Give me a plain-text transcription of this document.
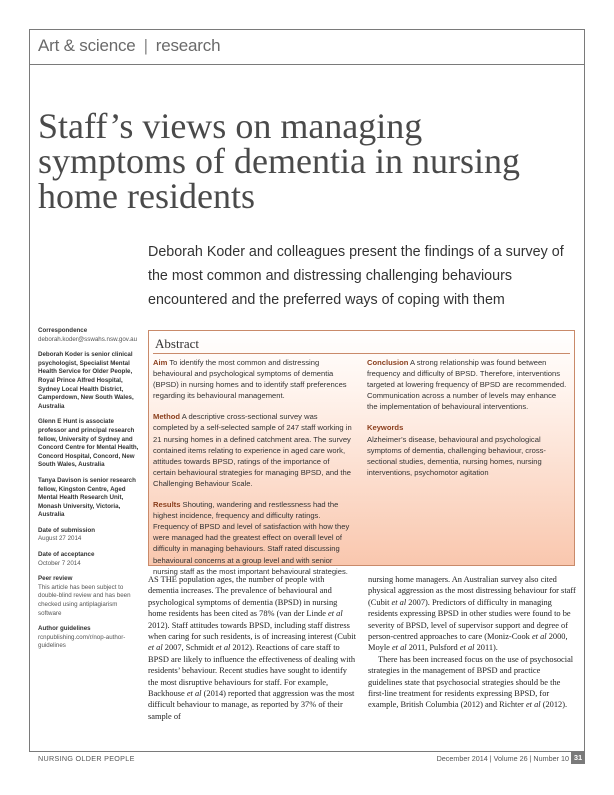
Art & science | research
Staff’s views on managing symptoms of dementia in nursing home residents

Deborah Koder and colleagues present the findings of a survey of the most common and distressing challenging behaviours encountered and the preferred ways of coping with them

Correspondence
deborah.koder@sswahs.nsw.gov.au
Deborah Koder is senior clinical psychologist, Specialist Mental Health Service for Older People, Royal Prince Alfred Hospital, Sydney Local Health District, Camperdown, New South Wales, Australia
Glenn E Hunt is associate professor and principal research fellow, University of Sydney and Concord Centre for Mental Health, Concord Hospital, Concord, New South Wales, Australia
Tanya Davison is senior research fellow, Kingston Centre, Aged Mental Health Research Unit, Monash University, Victoria, Australia
Date of submission
August 27 2014
Date of acceptance
October 7 2014
Peer review
This article has been subject to double-blind review and has been checked using antiplagiarism software
Author guidelines
rcnpublishing.com/r/nop-author-guidelines
Abstract

Aim To identify the most common and distressing behavioural and psychological symptoms of dementia (BPSD) in nursing homes and to identify staff preferences regarding its behavioural management.

Method A descriptive cross-sectional survey was completed by a self-selected sample of 247 staff working in 21 nursing homes in a defined catchment area. The survey contained items relating to experience in aged care work, attitudes towards BPSD, ratings of the importance of certain behavioural strategies for managing BPSD, and the Challenging Behaviour Scale.

Results Shouting, wandering and restlessness had the highest incidence, frequency and difficulty ratings. Frequency of BPSD and level of satisfaction with how they were managed had the greatest effect on overall level of difficulty in managing behaviours. Staff rated discussing behavioural concerns at a group level and with senior nursing staff as the most important behavioural strategies.

Conclusion A strong relationship was found between frequency and difficulty of BPSD. Therefore, interventions targeted at lowering frequency of BPSD are recommended. Communication across a number of levels may enhance the implementation of behavioural interventions.

Keywords
Alzheimer’s disease, behavioural and psychological symptoms of dementia, challenging behaviour, cross-sectional studies, dementia, nursing homes, nursing interventions, psychomotor agitation

AS THE population ages, the number of people with dementia increases. The prevalence of behavioural and psychological symptoms of dementia (BPSD) in nursing home residents has been cited as 78% (van der Linde et al 2012). Staff attitudes towards BPSD, including staff distress when caring for such residents, is of increasing interest (Cubit et al 2007, Schmidt et al 2012). Reactions of care staff to BPSD are likely to influence the effectiveness of dealing with residents’ behaviour. Recent studies have sought to identify the most disruptive behaviours for staff. For example, Backhouse et al (2014) reported that aggression was the most difficult behaviour to manage, as reported by 37% of their sample of

nursing home managers. An Australian survey also cited physical aggression as the most distressing behaviour for staff (Cubit et al 2007). Predictors of difficulty in managing residents expressing BPSD in other studies were found to be severity of BPSD, level of supervisor support and degree of person-centred approaches to care (Moniz-Cook et al 2000, Moyle et al 2011, Pulsford et al 2011).

There has been increased focus on the use of psychosocial strategies in the management of BPSD and practice guidelines state that psychosocial strategies should be the first-line treatment for residents expressing BPSD, for example, British Columbia (2012) and Richter et al (2012).

NURSING OLDER PEOPLE	December 2014 | Volume 26 | Number 10 31
